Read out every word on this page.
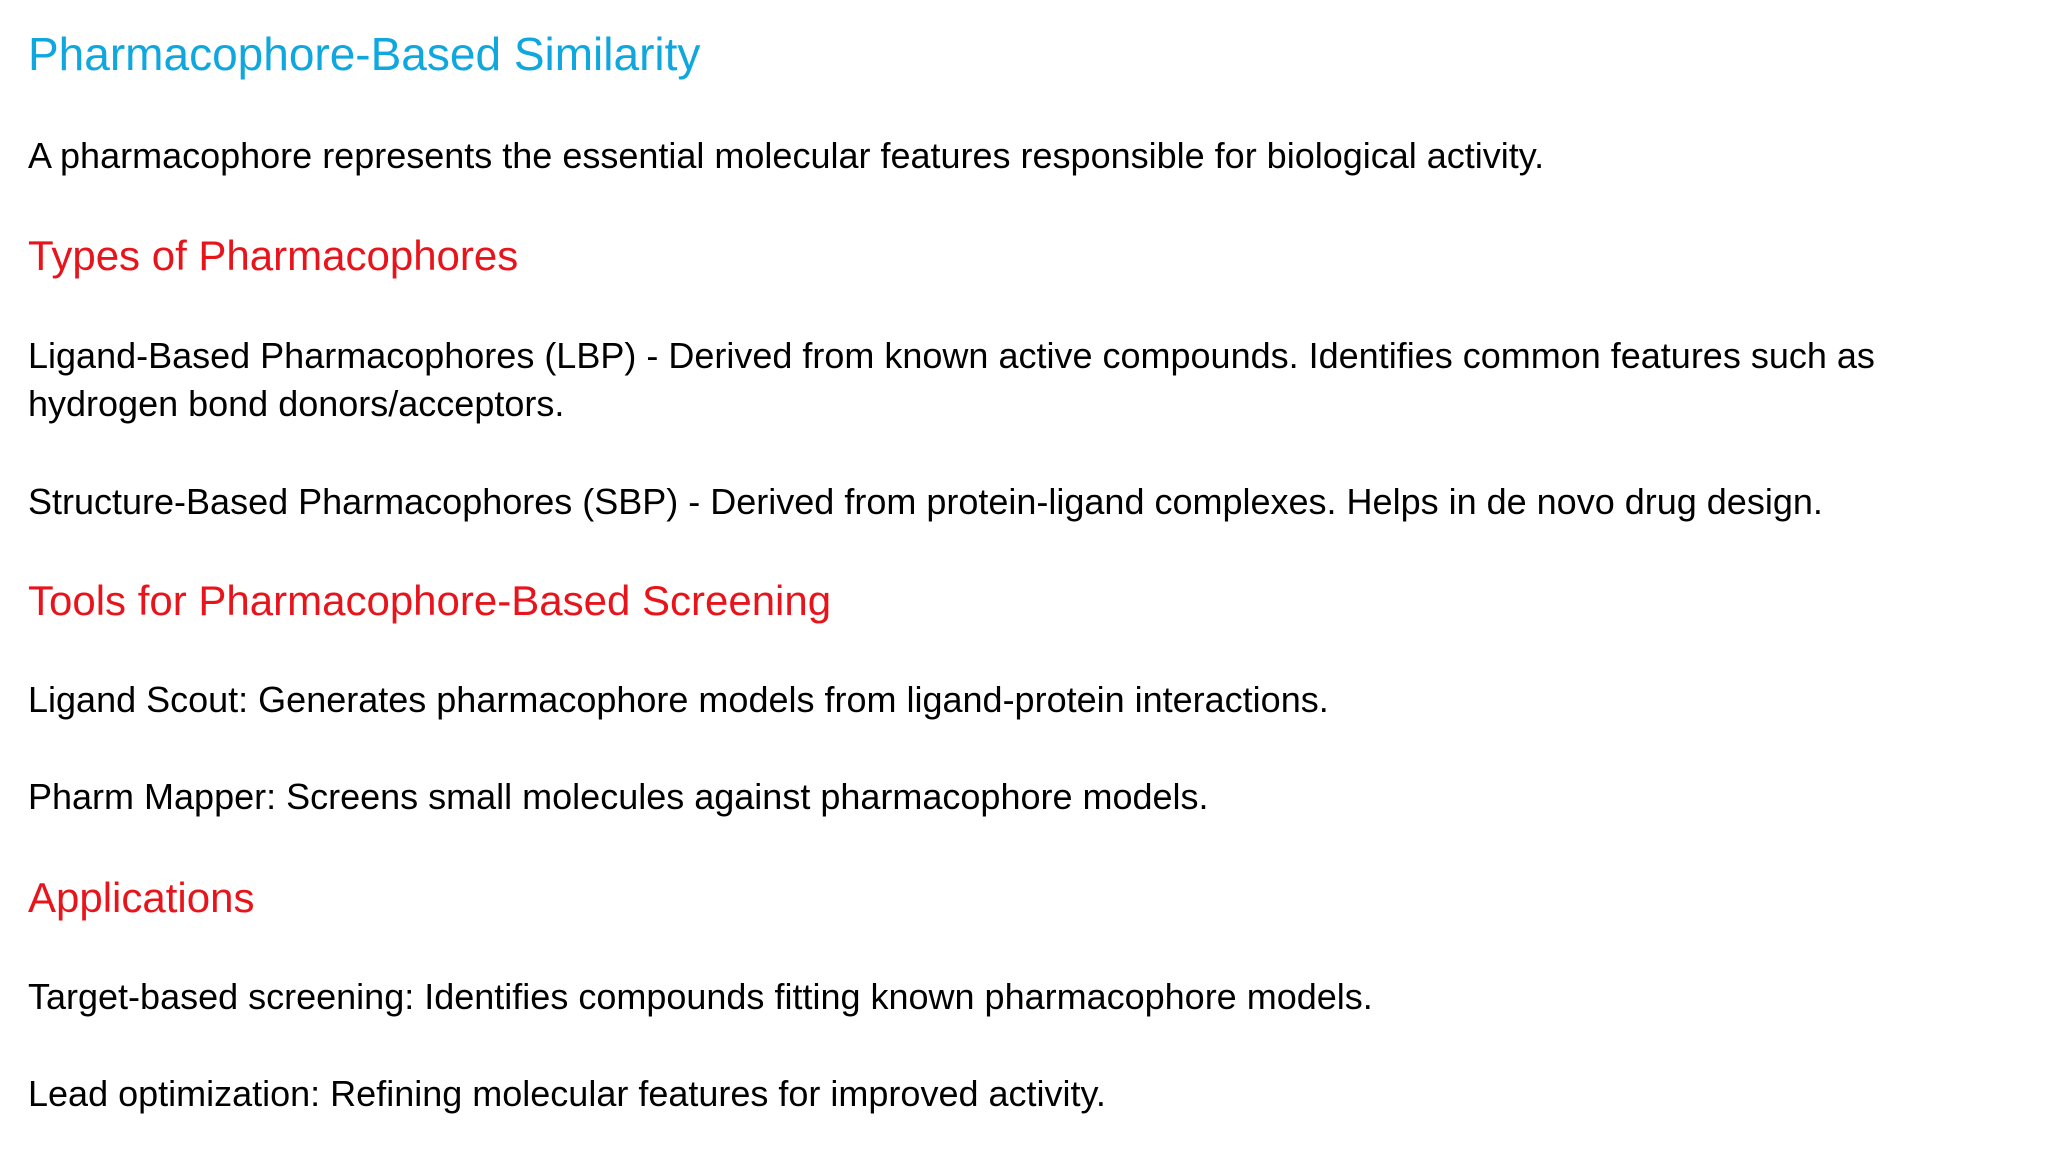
Pharmacophore-Based Similarity

A pharmacophore represents the essential molecular features responsible for biological activity.

Types of Pharmacophores

Ligand-Based Pharmacophores (LBP) - Derived from known active compounds. Identifies common features such as hydrogen bond donors/acceptors.

Structure-Based Pharmacophores (SBP) - Derived from protein-ligand complexes. Helps in de novo drug design.

Tools for Pharmacophore-Based Screening

Ligand Scout: Generates pharmacophore models from ligand-protein interactions.

Pharm Mapper: Screens small molecules against pharmacophore models.

Applications

Target-based screening: Identifies compounds fitting known pharmacophore models.

Lead optimization: Refining molecular features for improved activity.
